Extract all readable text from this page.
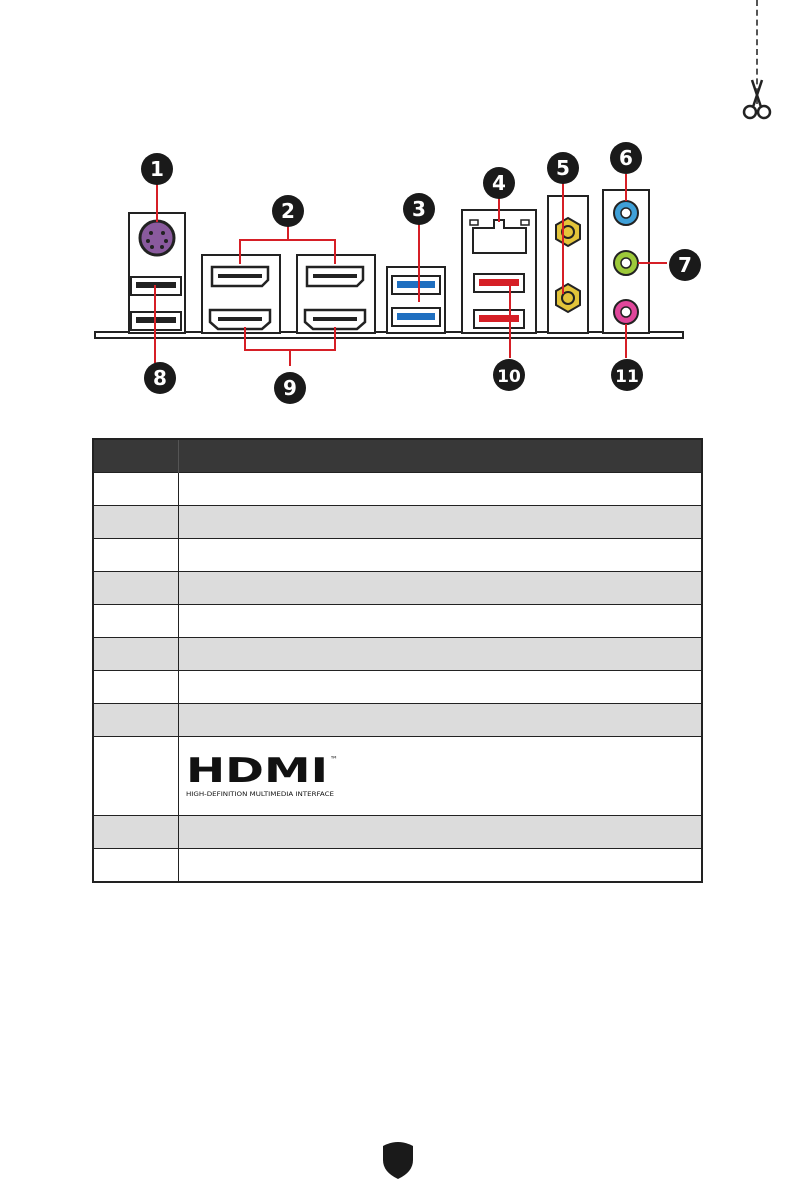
1
2	3
4
5 6
7
8	9	10	11

HDMI ™
HIGH-DEFINITION MULTIMEDIA INTERFACE
